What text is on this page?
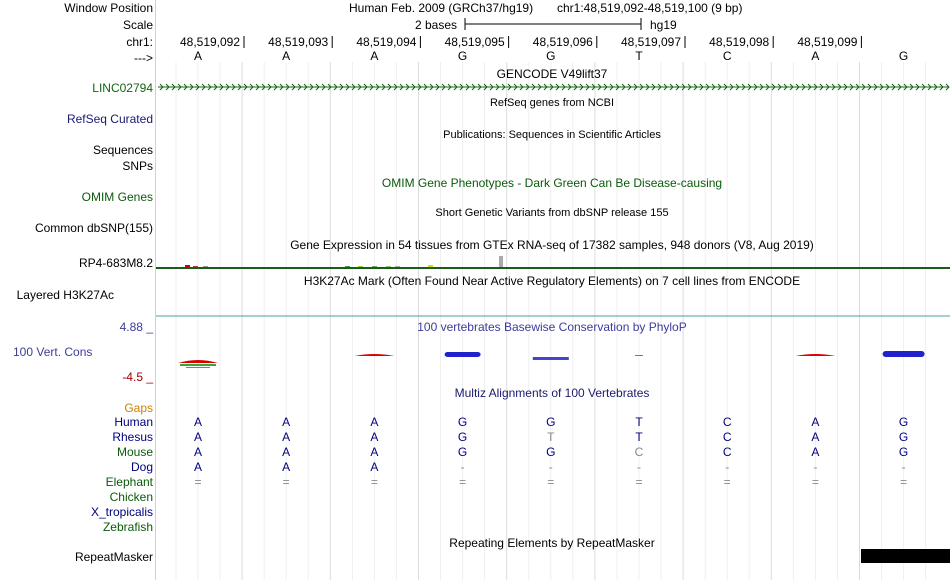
Window Position
Scale
chr1:
--->
Human Feb. 2009 (GRCh37/hg19) chr1:48,519,092-48,519,100 (9 bp)
2 bases	hg19
48,519,092 48,519,093 48,519,094 48,519,095 48,519,096 48,519,097 48,519,098 48,519,099
A	A	A	G	G	T	C	A	G
GENCODE V49lift37
LINC02794
RefSeq genes from NCBI
RefSeq Curated
Publications: Sequences in Scientific Articles
Sequences
SNPs
OMIM Gene Phenotypes - Dark Green Can Be Disease-causing
OMIM Genes
Short Genetic Variants from dbSNP release 155
Common dbSNP(155)
Gene Expression in 54 tissues from GTEx RNA-seq of 17382 samples, 948 donors (V8, Aug 2019)
RP4-683M8.2
H3K27Ac Mark (Often Found Near Active Regulatory Elements) on 7 cell lines from ENCODE
Layered H3K27Ac
100 vertebrates Basewise Conservation by PhyloP
4.88 _
100 Vert. Cons
-4.5 _
Multiz Alignments of 100 Vertebrates
Gaps
Human	A	A	A	G	G	T	C	A	G
Rhesus	A	A	A	G	T	T	C	A	G
Mouse	A	A	A	G	G	C	C	A	G
Dog	A	A	A	-	-	-	-	-	-
Elephant	=	=	=	=	=	=	=	=	=
Chicken
X_tropicalis
Zebrafish
Repeating Elements by RepeatMasker
RepeatMasker
